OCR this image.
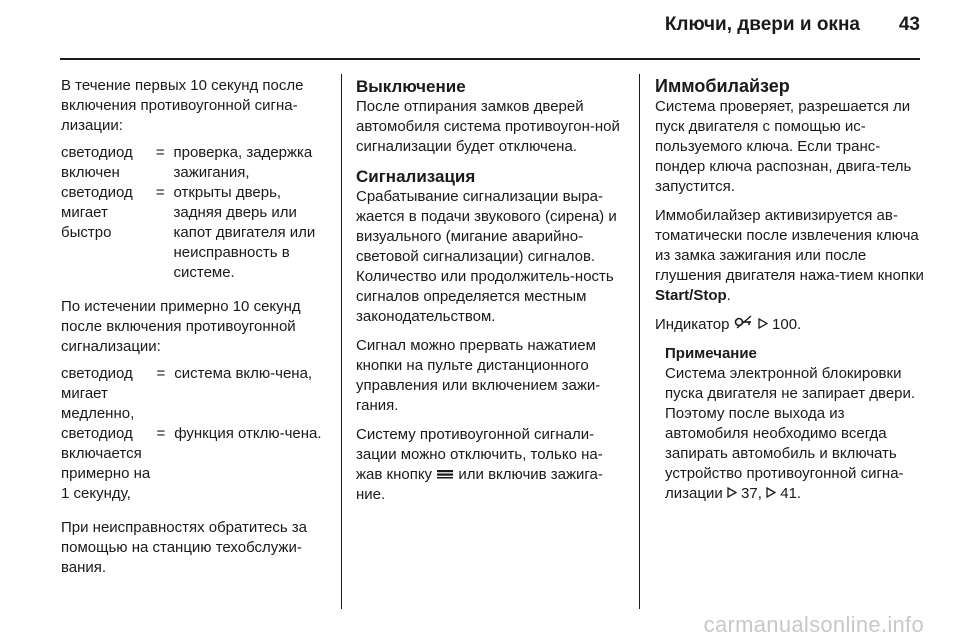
Ключи, двери и окна 43

В течение первых 10 секунд после включения противоугонной сигна-лизации:

светодиод включен	=	проверка, задержка зажигания,
светодиод мигает быстро	=	открыты дверь, задняя дверь или капот двигателя или неисправность в системе.

По истечении примерно 10 секунд после включения противоугонной сигнализации:

светодиод мигает медленно,	=	система вклю-чена,
светодиод включается примерно на 1 секунду,	=	функция отклю-чена.

При неисправностях обратитесь за помощью на станцию техобслужи-вания.

Выключение

После отпирания замков дверей автомобиля система противоугон-ной сигнализации будет отключена.

Сигнализация

Срабатывание сигнализации выра-жается в подачи звукового (сирена) и визуального (мигание аварийно-световой сигнализации) сигналов. Количество или продолжитель-ность сигналов определяется местным законодательством.

Сигнал можно прервать нажатием кнопки на пульте дистанционного управления или включением зажи-гания.

Систему противоугонной сигнали-зации можно отключить, только на-жав кнопку или включив зажига-ние.

Иммобилайзер

Система проверяет, разрешается ли пуск двигателя с помощью ис-пользуемого ключа. Если транс-пондер ключа распознан, двига-тель запустится.

Иммобилайзер активизируется ав-томатически после извлечения ключа из замка зажигания или после глушения двигателя нажа-тием кнопки Start/Stop.

Индикатор	100.

Примечание

Система электронной блокировки пуска двигателя не запирает двери. Поэтому после выхода из автомобиля необходимо всегда запирать автомобиль и включать устройство противоугонной сигна-лизации 37, 41.

carmanualsonline.info
